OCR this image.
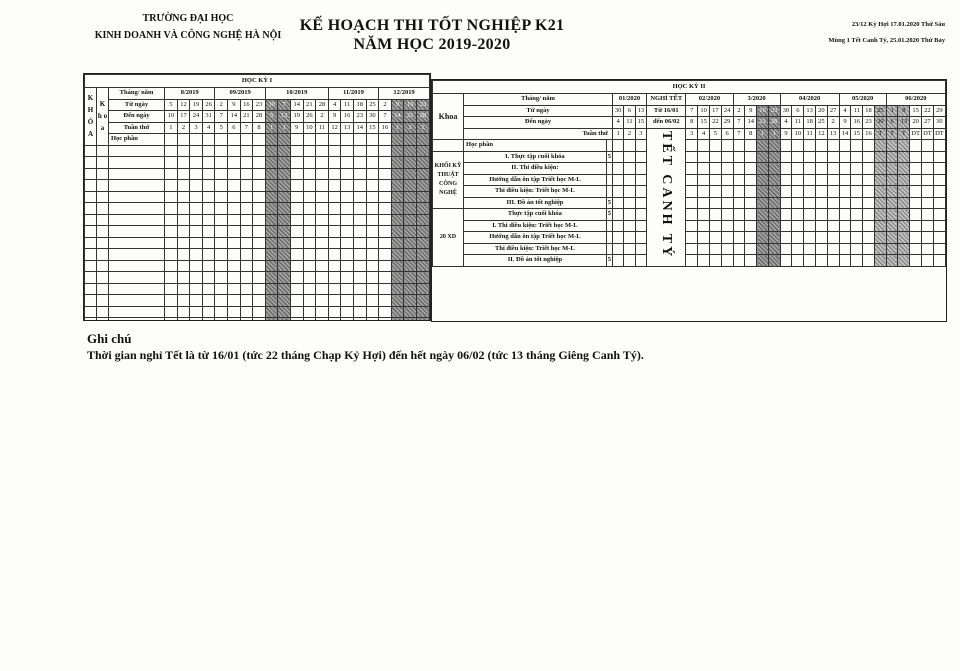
TRƯỜNG ĐẠI HỌC
KINH DOANH VÀ CÔNG NGHỆ HÀ NỘI
KẾ HOẠCH THI TỐT NGHIỆP K21
NĂM HỌC 2019-2020
23/12 Kỳ Hợi 17.01.2020 Thứ Sáu
Mùng 1 Tết Canh Tý, 25.01.2020 Thứ Bảy
HỌC KỲ I																							
K H Ó A	K h o a	Tháng/ năm	8/2019				09/2019				10/2019					11/2019				12/2019			
		Từ ngày	5	12	19	26	2	9	16	23	30	7	14	21	28	4	11	18	25	2	9	16	23
		Đến ngày	10	17	24	31	7	14	21	28	5	12	19	26	2	9	16	23	30	7	14	21	28
		Tuần thứ	1	2	3	4	5	6	7	8	1	1	9	10	11	12	13	14	15	16	1	1	1
		Học phần																					

HỌC KỲ II																												
Khoa	Tháng/ năm		01/2020			NGHỈ TẾT	02/2020				3/2020				04/2020					05/2020				06/2020				
	Từ ngày		30	6	13	Từ 16/01	7	10	17	24	2	9	16	23	30	6	13	20	27	4	11	18	25	1	8	15	22	29
	Đến ngày		4	11	15	đến 06/02	8	15	22	29	7	14	21	28	4	11	18	25	2	9	16	23	30	6	13	20	27	30
	Tuần thứ		1	2	3	TẾT CANH TÝ	3	4	5	6	7	8	1	1	9	10	11	12	13	14	15	16	T	T	T	DT	DT	DT
	Học phần																											
KHỐI KỸ THUẬT CÔNG NGHỆ	I. Thực tập cuối khóa	5																										
	II. Thi điều kiện:																											
	Hướng dẫn ôn tập Triết học M-L																											
	Thi điều kiện: Triết học M-L																											
	III. Đồ án tốt nghiệp	5																										
20 XD	Thực tập cuối khóa	5																										
	I. Thi điều kiện: Triết học M-L																											
	Hướng dẫn ôn tập Triết học M-L																											
	Thi điều kiện: Triết học M-L																											
	II. Đồ án tốt nghiệp	5																										
Ghi chú
Thời gian nghỉ Tết là từ 16/01 (tức 22 tháng Chạp Kỷ Hợi) đến hết ngày 06/02 (tức 13 tháng Giêng Canh Tý).
